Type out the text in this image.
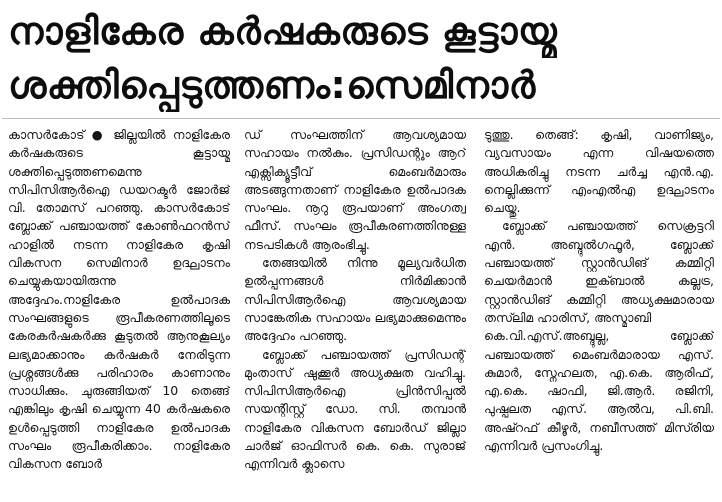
നാളികേര കർഷകരുടെ കൂട്ടായ്മ
ശക്തിപ്പെടുത്തണം:സെമിനാർ

കാസർകോട് ● ജില്ലയിൽ നാളികേര കർഷകരുടെ കൂട്ടായ്മ ശക്തിപ്പെടുത്തണമെന്നു സിപിസിആർഐ ഡയറക്ടർ ജോർജ് വി. തോമസ് പറഞ്ഞു. കാസർകോട് ബ്ലോക്ക് പഞ്ചായത്ത് കോൺഫറൻസ് ഹാളിൽ നടന്ന നാളികേര കൃഷി വികസന സെമിനാർ ഉദ്ഘാടനം ചെയ്യുകയായിരുന്നു അദ്ദേഹം.നാളികേര ഉൽപാദക സംഘങ്ങളുടെ രൂപീകരണത്തിലൂടെ കേരകർഷകർക്കു കൂടുതൽ ആനുകൂല്യം ലഭ്യമാക്കാനും കർഷകർ നേരിടുന്ന പ്രശ്നങ്ങൾക്കു പരിഹാരം കാണാനും സാധിക്കും. ചുരുങ്ങിയത് 10 തെങ്ങ് എങ്കിലും കൃഷി ചെയ്യുന്ന 40 കർഷകരെ ഉൾപ്പെടുത്തി നാളികേര ഉൽപാദക സംഘം രൂപീകരിക്കാം. നാളികേര വികസന ബോർ

ഡ് സംഘത്തിന് ആവശ്യമായ സഹായം നൽകും. പ്രസിഡന്റും ആറ് എക്സിക്യൂട്ടീവ് മെംബർമാരും അടങ്ങുന്നതാണ് നാളികേര ഉൽപാദക സംഘം. നൂറു രൂപയാണ് അംഗത്വ ഫീസ്. സംഘം രൂപീകരണത്തിനുള്ള നടപടികൾ ആരംഭിച്ചു.

തേങ്ങയിൽ നിന്നു മൂല്യവർധിത ഉൽപ്പന്നങ്ങൾ നിർമിക്കാൻ സിപിസിആർഐ ആവശ്യമായ സാങ്കേതിക സഹായം ലഭ്യമാക്കുമെന്നും അദ്ദേഹം പറഞ്ഞു.

ബ്ലോക്ക് പഞ്ചായത്ത് പ്രസിഡന്റ് മുംതാസ് ഷുക്കൂർ അധ്യക്ഷത വഹിച്ചു. സിപിസിആർഐ പ്രിൻസിപ്പൽ സയന്റിസ്റ്റ് ഡോ. സി. തമ്പാൻ നാളികേര വികസന ബോർഡ് ജില്ലാ ചാർജ് ഓഫിസർ കെ. കെ. സുരാജ് എന്നിവർ ക്ലാസെ

ടുത്തു. തെങ്ങ്: കൃഷി, വാണിജ്യം, വ്യവസായം എന്ന വിഷയത്തെ അധികരിച്ചു നടന്ന ചർച്ച എൻ.എ. നെല്ലിക്കുന്ന് എംഎൽഎ ഉദ്ഘാടനം ചെയ്തു.

ബ്ലോക്ക് പഞ്ചായത്ത് സെക്രട്ടറി എൻ. അബ്ദുൽഗഫൂർ, ബ്ലോക്ക് പഞ്ചായത്ത് സ്റ്റാൻഡിങ് കമ്മിറ്റി ചെയർമാൻ ഇക്ബാൽ കല്ലട്ര, സ്റ്റാൻഡിങ് കമ്മിറ്റി അധ്യക്ഷമാരായ തസ്‍ലിമ ഹാരിസ്, അസ്മാബി

കെ.വി.എസ്.അബ്ദുല്ല, ബ്ലോക്ക് പഞ്ചായത്ത് മെംബർമാരായ എസ്. കുമാർ, സ്നേഹലത, എ.കെ. ആരിഫ്, എ.കെ. ഷാഫി, ജി.ആർ. രജിനി, പുഷ്പലത എസ്. ആൽവ, പി.ബി. അഷ്റഫ് കീഴൂർ, നബീസത്ത് മിസ്‍രിയ എന്നിവർ പ്രസംഗിച്ചു.
